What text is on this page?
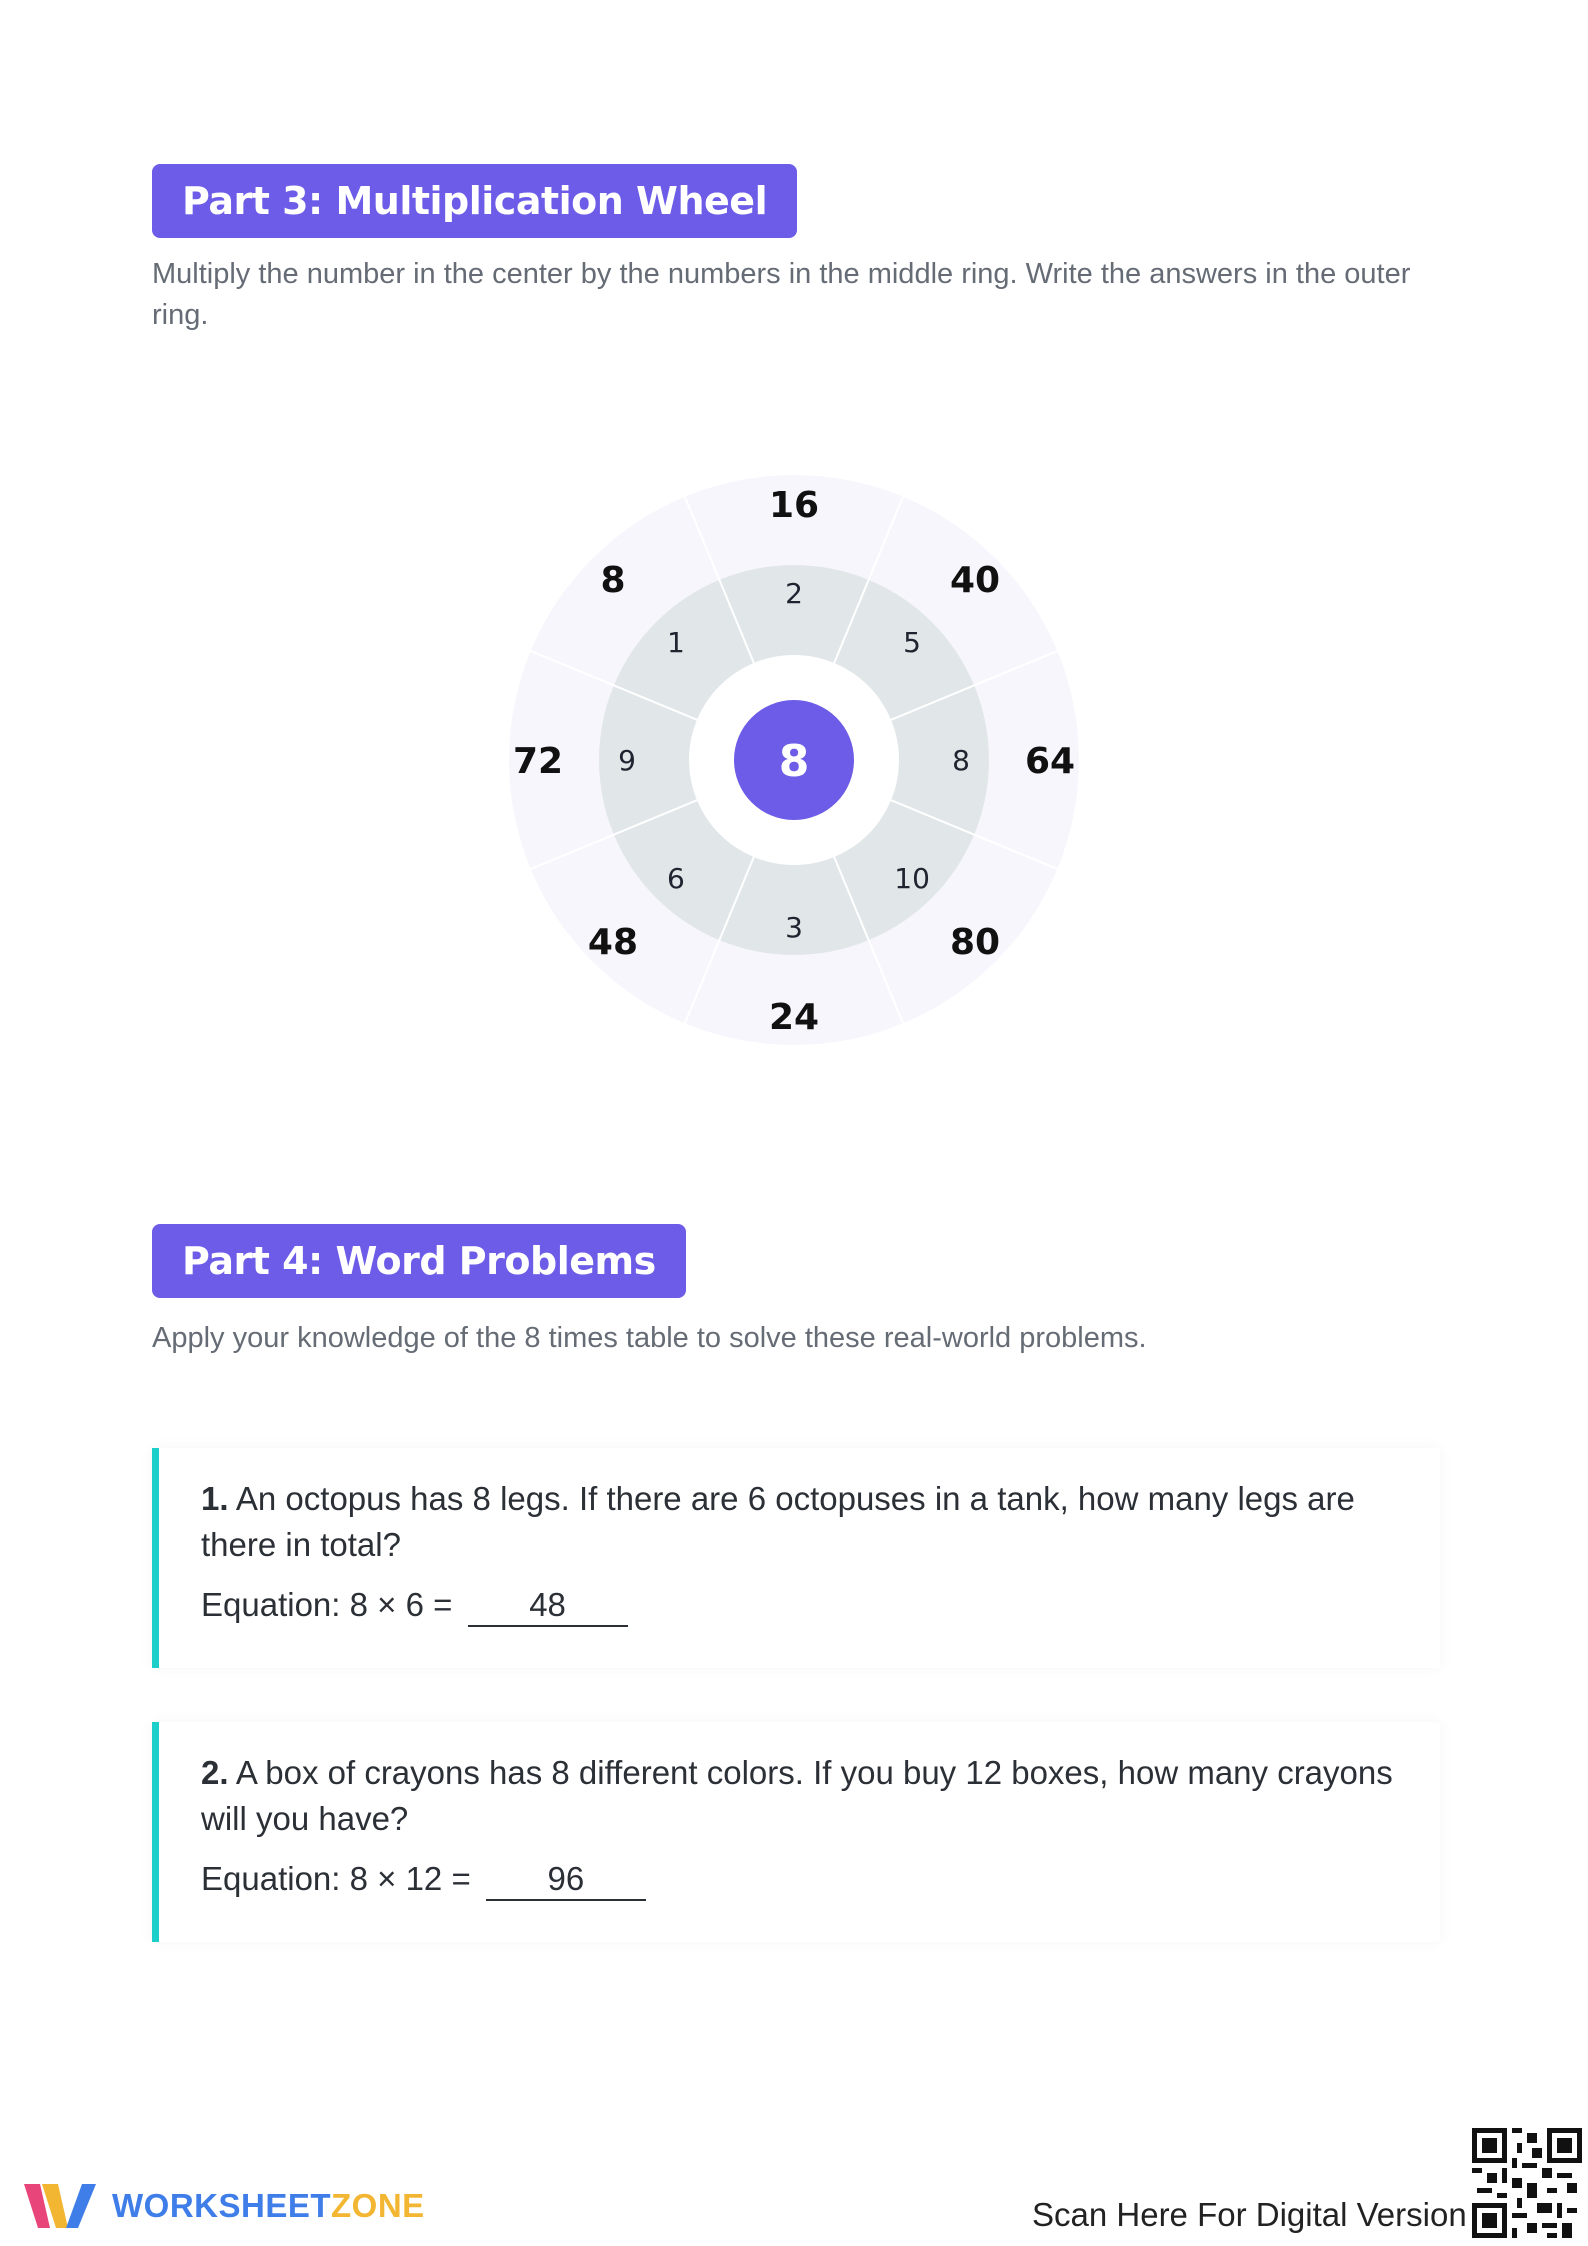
Part 3: Multiplication Wheel

Multiply the number in the center by the numbers in the middle ring. Write the answers in the outer ring.

8
2
16
5
40
8 64
10
80
3
24
6
48
9
72
1
8
Part 4: Word Problems

Apply your knowledge of the 8 times table to solve these real-world problems.

1. An octopus has 8 legs. If there are 6 octopuses in a tank, how many legs are there in total?

Equation: 8 × 6 = 48

2. A box of crayons has 8 different colors. If you buy 12 boxes, how many crayons will you have?

Equation: 8 × 12 = 96
WORKSHEETZONE	Scan Here For Digital Version
